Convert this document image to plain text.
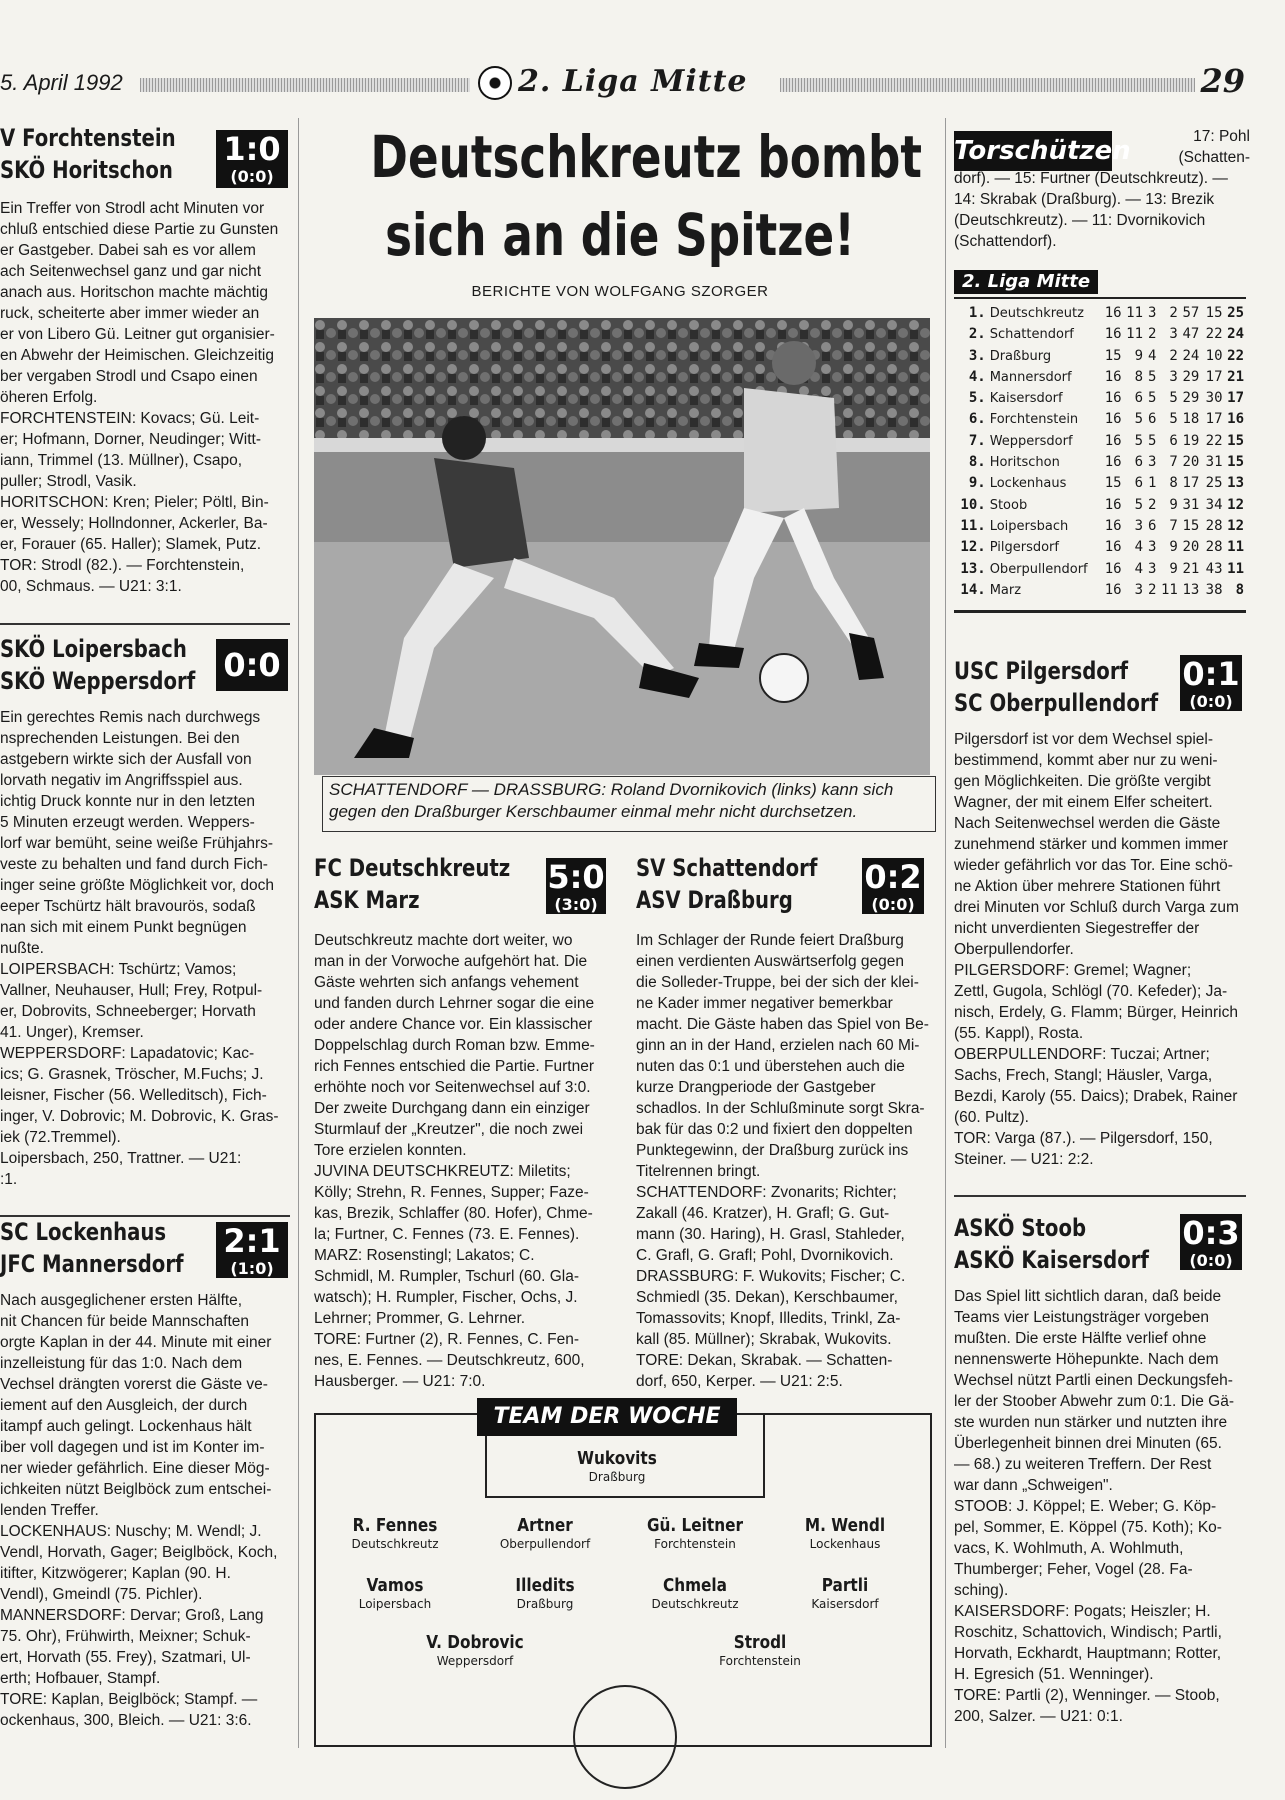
5. April 1992	2. Liga Mitte	29
V Forchtenstein
SKÖ Horitschon
1:0
(0:0)

Ein Treffer von Strodl acht Minuten vor

chluß entschied diese Partie zu Gunsten

er Gastgeber. Dabei sah es vor allem

ach Seitenwechsel ganz und gar nicht

anach aus. Horitschon machte mächtig

ruck, scheiterte aber immer wieder an

er von Libero Gü. Leitner gut organisier-

en Abwehr der Heimischen. Gleichzeitig

ber vergaben Strodl und Csapo einen

öheren Erfolg.

FORCHTENSTEIN: Kovacs; Gü. Leit-

er; Hofmann, Dorner, Neudinger; Witt-

iann, Trimmel (13. Müllner), Csapo,

puller; Strodl, Vasik.

HORITSCHON: Kren; Pieler; Pöltl, Bin-

er, Wessely; Hollndonner, Ackerler, Ba-

er, Forauer (65. Haller); Slamek, Putz.

TOR: Strodl (82.). — Forchtenstein,

00, Schmaus. — U21: 3:1.

SKÖ Loipersbach
SKÖ Weppersdorf 0:0

Ein gerechtes Remis nach durchwegs

nsprechenden Leistungen. Bei den

astgebern wirkte sich der Ausfall von

lorvath negativ im Angriffsspiel aus.

ichtig Druck konnte nur in den letzten

5 Minuten erzeugt werden. Weppers-

lorf war bemüht, seine weiße Frühjahrs-

veste zu behalten und fand durch Fich-

inger seine größte Möglichkeit vor, doch

eeper Tschürtz hält bravourös, sodaß

nan sich mit einem Punkt begnügen

nußte.

LOIPERSBACH: Tschürtz; Vamos;

Vallner, Neuhauser, Hull; Frey, Rotpul-

er, Dobrovits, Schneeberger; Horvath

41. Unger), Kremser.

WEPPERSDORF: Lapadatovic; Kac-

ics; G. Grasnek, Tröscher, M.Fuchs; J.

leisner, Fischer (56. Welleditsch), Fich-

inger, V. Dobrovic; M. Dobrovic, K. Gras-

iek (72.Tremmel).

Loipersbach, 250, Trattner. — U21:

:1.

SC Lockenhaus
JFC Mannersdorf
2:1
(1:0)

Nach ausgeglichener ersten Hälfte,

nit Chancen für beide Mannschaften

orgte Kaplan in der 44. Minute mit einer

inzelleistung für das 1:0. Nach dem

Vechsel drängten vorerst die Gäste ve-

iement auf den Ausgleich, der durch

itampf auch gelingt. Lockenhaus hält

iber voll dagegen und ist im Konter im-

ner wieder gefährlich. Eine dieser Mög-

ichkeiten nützt Beiglböck zum entschei-

lenden Treffer.

LOCKENHAUS: Nuschy; M. Wendl; J.

Vendl, Horvath, Gager; Beiglböck, Koch,

itifter, Kitzwögerer; Kaplan (90. H.

Vendl), Gmeindl (75. Pichler).

MANNERSDORF: Dervar; Groß, Lang

75. Ohr), Frühwirth, Meixner; Schuk-

ert, Horvath (55. Frey), Szatmari, Ul-

erth; Hofbauer, Stampf.

TORE: Kaplan, Beiglböck; Stampf. —

ockenhaus, 300, Bleich. — U21: 3:6.

Deutschkreutz bombt
sich an die Spitze!
BERICHTE VON WOLFGANG SZORGER
SCHATTENDORF — DRASSBURG: Roland Dvornikovich (links) kann sich
gegen den Draßburger Kerschbaumer einmal mehr nicht durchsetzen.
FC Deutschkreutz
ASK Marz
5:0
(3:0)

Deutschkreutz machte dort weiter, wo

man in der Vorwoche aufgehört hat. Die

Gäste wehrten sich anfangs vehement

und fanden durch Lehrner sogar die eine

oder andere Chance vor. Ein klassischer

Doppelschlag durch Roman bzw. Emme-

rich Fennes entschied die Partie. Furtner

erhöhte noch vor Seitenwechsel auf 3:0.

Der zweite Durchgang dann ein einziger

Sturmlauf der „Kreutzer", die noch zwei

Tore erzielen konnten.

JUVINA DEUTSCHKREUTZ: Miletits;

Kölly; Strehn, R. Fennes, Supper; Faze-

kas, Brezik, Schlaffer (80. Hofer), Chme-

la; Furtner, C. Fennes (73. E. Fennes).

MARZ: Rosenstingl; Lakatos; C.

Schmidl, M. Rumpler, Tschurl (60. Gla-

watsch); H. Rumpler, Fischer, Ochs, J.

Lehrner; Prommer, G. Lehrner.

TORE: Furtner (2), R. Fennes, C. Fen-

nes, E. Fennes. — Deutschkreutz, 600,

Hausberger. — U21: 7:0.

SV Schattendorf
ASV Draßburg
0:2
(0:0)

Im Schlager der Runde feiert Draßburg

einen verdienten Auswärtserfolg gegen

die Solleder-Truppe, bei der sich der klei-

ne Kader immer negativer bemerkbar

macht. Die Gäste haben das Spiel von Be-

ginn an in der Hand, erzielen nach 60 Mi-

nuten das 0:1 und überstehen auch die

kurze Drangperiode der Gastgeber

schadlos. In der Schlußminute sorgt Skra-

bak für das 0:2 und fixiert den doppelten

Punktegewinn, der Draßburg zurück ins

Titelrennen bringt.

SCHATTENDORF: Zvonarits; Richter;

Zakall (46. Kratzer), H. Grafl; G. Gut-

mann (30. Haring), H. Grasl, Stahleder,

C. Grafl, G. Grafl; Pohl, Dvornikovich.

DRASSBURG: F. Wukovits; Fischer; C.

Schmiedl (35. Dekan), Kerschbaumer,

Tomassovits; Knopf, Illedits, Trinkl, Za-

kall (85. Müllner); Skrabak, Wukovits.

TORE: Dekan, Skrabak. — Schatten-

dorf, 650, Kerper. — U21: 2:5.

TEAM DER WOCHE
Wukovits
Draßburg
R. Fennes
Deutschkreutz
Artner
Oberpullendorf
Gü. Leitner
Forchtenstein
M. Wendl
Lockenhaus
Vamos
Loipersbach
Illedits
Draßburg
Chmela
Deutschkreutz
Partli
Kaisersdorf
V. Dobrovic
Weppersdorf
Strodl
Forchtenstein
Torschützen	17: Pohl

(Schatten-

dorf). — 15: Furtner (Deutschkreutz). —

14: Skrabak (Draßburg). — 13: Brezik

(Deutschkreutz). — 11: Dvornikovich

(Schattendorf).

2. Liga Mitte
1.	Deutschkreutz	16	11	3	2	57	15	25
2.	Schattendorf	16	11	2	3	47	22	24
3.	Draßburg	15	9	4	2	24	10	22
4.	Mannersdorf	16	8	5	3	29	17	21
5.	Kaisersdorf	16	6	5	5	29	30	17
6.	Forchtenstein	16	5	6	5	18	17	16
7.	Weppersdorf	16	5	5	6	19	22	15
8.	Horitschon	16	6	3	7	20	31	15
9.	Lockenhaus	15	6	1	8	17	25	13
10.	Stoob	16	5	2	9	31	34	12
11.	Loipersbach	16	3	6	7	15	28	12
12.	Pilgersdorf	16	4	3	9	20	28	11
13.	Oberpullendorf	16	4	3	9	21	43	11
14.	Marz	16	3	2	11	13	38	8
USC Pilgersdorf
SC Oberpullendorf
0:1
(0:0)

Pilgersdorf ist vor dem Wechsel spiel-

bestimmend, kommt aber nur zu weni-

gen Möglichkeiten. Die größte vergibt

Wagner, der mit einem Elfer scheitert.

Nach Seitenwechsel werden die Gäste

zunehmend stärker und kommen immer

wieder gefährlich vor das Tor. Eine schö-

ne Aktion über mehrere Stationen führt

drei Minuten vor Schluß durch Varga zum

nicht unverdienten Siegestreffer der

Oberpullendorfer.

PILGERSDORF: Gremel; Wagner;

Zettl, Gugola, Schlögl (70. Kefeder); Ja-

nisch, Erdely, G. Flamm; Bürger, Heinrich

(55. Kappl), Rosta.

OBERPULLENDORF: Tuczai; Artner;

Sachs, Frech, Stangl; Häusler, Varga,

Bezdi, Karoly (55. Daics); Drabek, Rainer

(60. Pultz).

TOR: Varga (87.). — Pilgersdorf, 150,

Steiner. — U21: 2:2.

ASKÖ Stoob
ASKÖ Kaisersdorf
0:3
(0:0)

Das Spiel litt sichtlich daran, daß beide

Teams vier Leistungsträger vorgeben

mußten. Die erste Hälfte verlief ohne

nennenswerte Höhepunkte. Nach dem

Wechsel nützt Partli einen Deckungsfeh-

ler der Stoober Abwehr zum 0:1. Die Gä-

ste wurden nun stärker und nutzten ihre

Überlegenheit binnen drei Minuten (65.

— 68.) zu weiteren Treffern. Der Rest

war dann „Schweigen".

STOOB: J. Köppel; E. Weber; G. Köp-

pel, Sommer, E. Köppel (75. Koth); Ko-

vacs, K. Wohlmuth, A. Wohlmuth,

Thumberger; Feher, Vogel (28. Fa-

sching).

KAISERSDORF: Pogats; Heiszler; H.

Roschitz, Schattovich, Windisch; Partli,

Horvath, Eckhardt, Hauptmann; Rotter,

H. Egresich (51. Wenninger).

TORE: Partli (2), Wenninger. — Stoob,

200, Salzer. — U21: 0:1.
